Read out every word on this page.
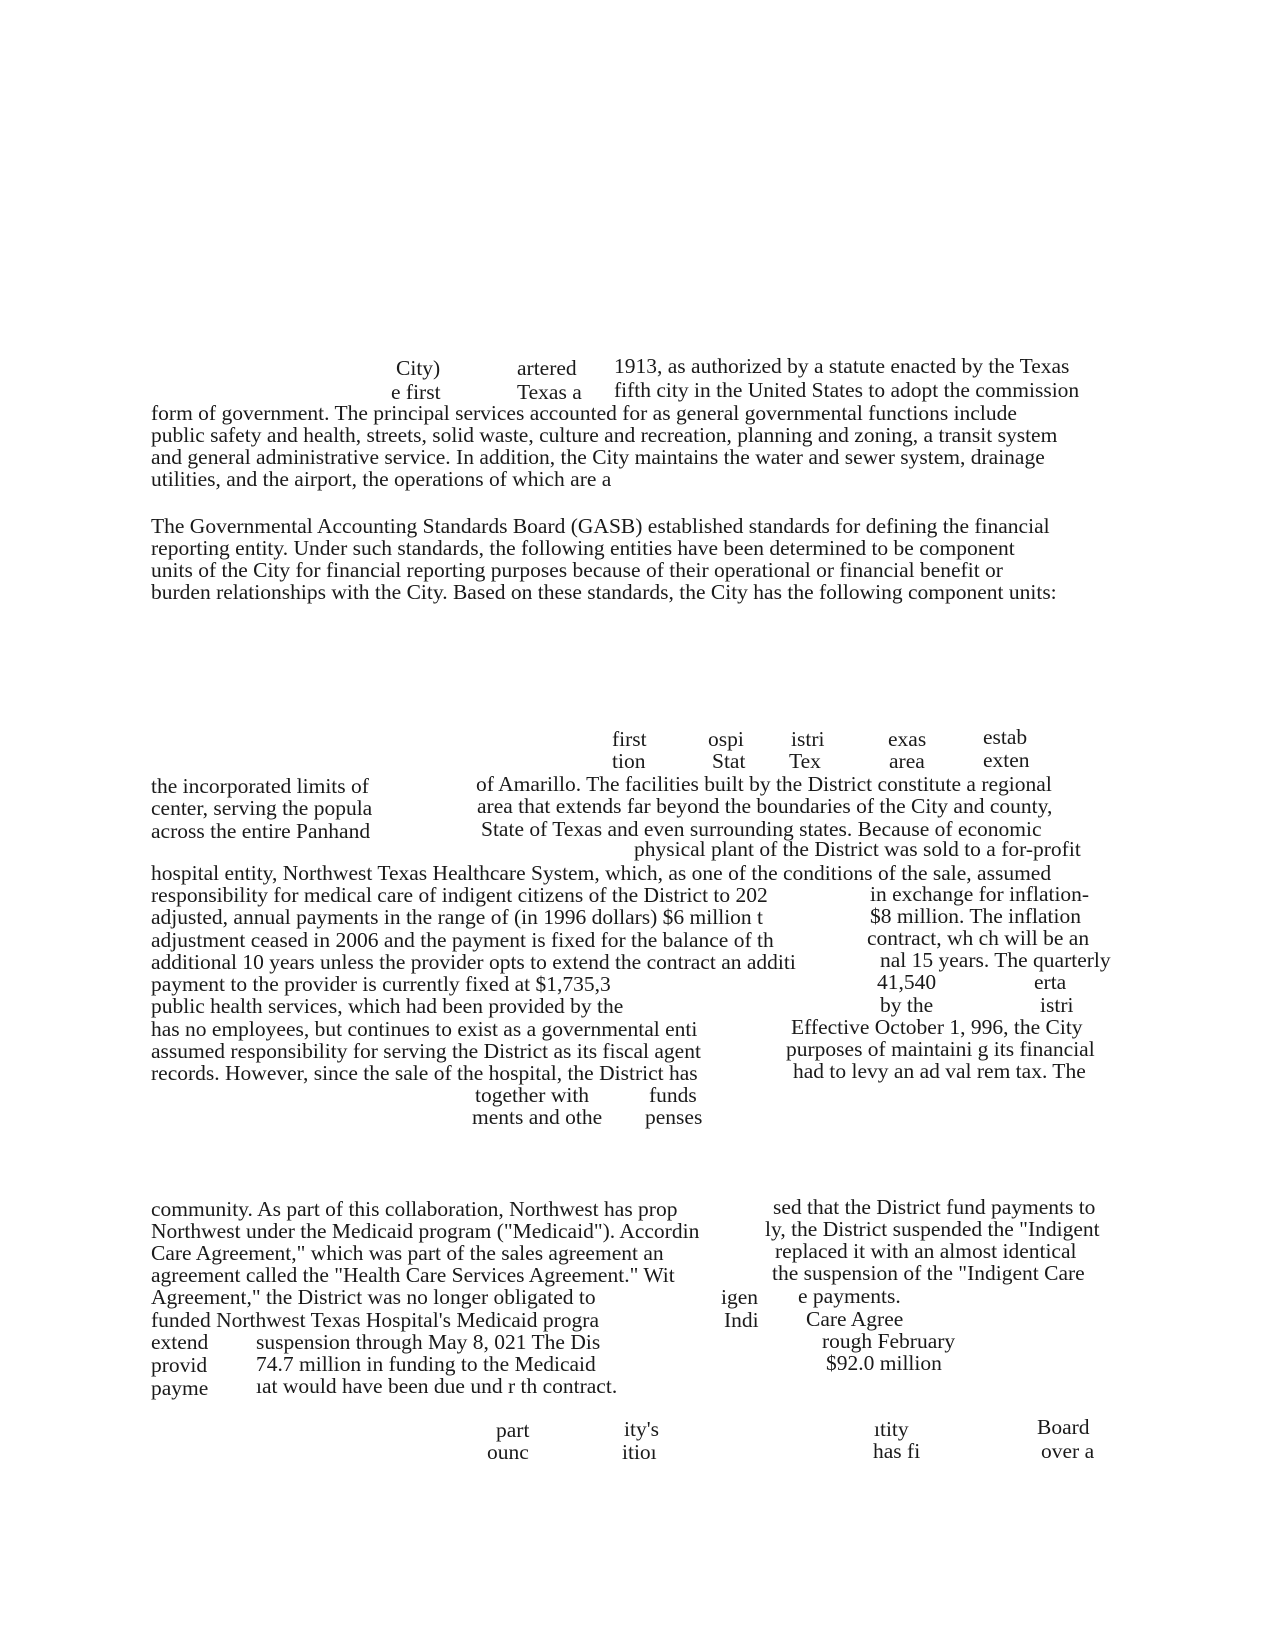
City)	artered 1913, as authorized by a statute enacted by the Texas
e first	Texas a fifth city in the United States to adopt the commission
form of government. The principal services accounted for as general governmental functions include
public safety and health, streets, solid waste, culture and recreation, planning and zoning, a transit system
and general administrative service. In addition, the City maintains the water and sewer system, drainage
utilities, and the airport, the operations of which are a
The Governmental Accounting Standards Board (GASB) established standards for defining the financial
reporting entity. Under such standards, the following entities have been determined to be component
units of the City for financial reporting purposes because of their operational or financial benefit or
burden relationships with the City. Based on these standards, the City has the following component units:
first	ospi istri	exas	estab
tion	Stat Tex	area	exten
the incorporated limits of	of Amarillo. The facilities built by the District constitute a regional
center, serving the popula	area that extends far beyond the boundaries of the City and county,
across the entire Panhand	State of Texas and even surrounding states. Because of economic
physical plant of the District was sold to a for-profit
hospital entity, Northwest Texas Healthcare System, which, as one of the conditions of the sale, assumed
responsibility for medical care of indigent citizens of the District to 202	in exchange for inflation-
adjusted, annual payments in the range of (in 1996 dollars) $6 million t	$8 million. The inflation
adjustment ceased in 2006 and the payment is fixed for the balance of th	contract, wh ch will be an
additional 10 years unless the provider opts to extend the contract an additi	nal 15 years. The quarterly
payment to the provider is currently fixed at $1,735,3	41,540	erta
public health services, which had been provided by the	by the	istri
has no employees, but continues to exist as a governmental enti	Effective October 1, 996, the City
assumed responsibility for serving the District as its fiscal agent	purposes of maintaini g its financial
records. However, since the sale of the hospital, the District has	had to levy an ad val rem tax. The
together with	funds
ments and othe penses
community. As part of this collaboration, Northwest has prop	sed that the District fund payments to
Northwest under the Medicaid program ("Medicaid"). Accordin	ly, the District suspended the "Indigent
Care Agreement," which was part of the sales agreement an	replaced it with an almost identical
agreement called the "Health Care Services Agreement." Wit	the suspension of the "Indigent Care
Agreement," the District was no longer obligated to	igen e payments.
funded Northwest Texas Hospital's Medicaid progra	Indi Care Agree
extend suspension through May 8, 021 The Dis	rough February
provid 74.7 million in funding to the Medicaid	$92.0 million
payme ıat would have been due und r th contract.
part	ity's	ıtity	Board
ounc	itioı	has fi	over a
